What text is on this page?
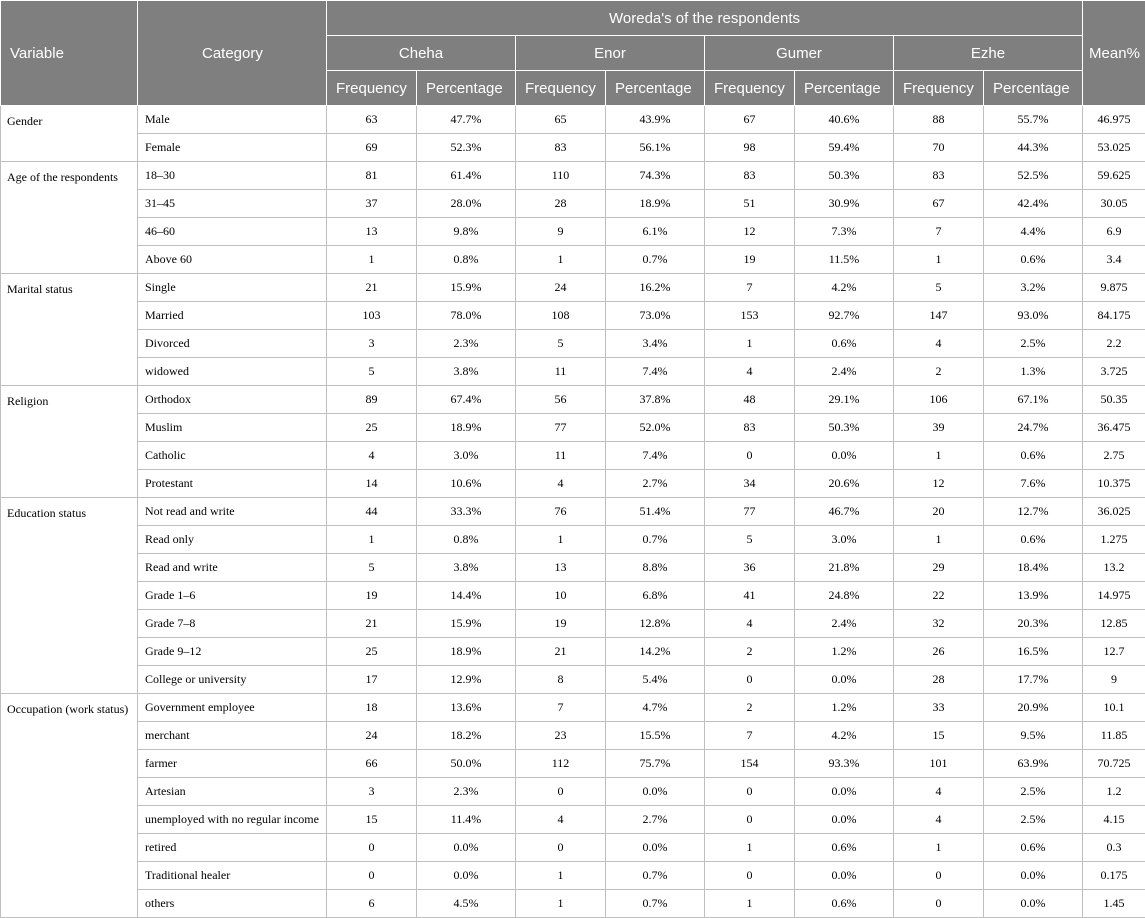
Variable	Category	Woreda's of the respondents								Mean%
		Cheha		Enor		Gumer		Ezhe		
		Frequency	Percentage	Frequency	Percentage	Frequency	Percentage	Frequency	Percentage	
Gender	Male	63	47.7%	65	43.9%	67	40.6%	88	55.7%	46.975
	Female	69	52.3%	83	56.1%	98	59.4%	70	44.3%	53.025
Age of the respondents	18–30	81	61.4%	110	74.3%	83	50.3%	83	52.5%	59.625
	31–45	37	28.0%	28	18.9%	51	30.9%	67	42.4%	30.05
	46–60	13	9.8%	9	6.1%	12	7.3%	7	4.4%	6.9
	Above 60	1	0.8%	1	0.7%	19	11.5%	1	0.6%	3.4
Marital status	Single	21	15.9%	24	16.2%	7	4.2%	5	3.2%	9.875
	Married	103	78.0%	108	73.0%	153	92.7%	147	93.0%	84.175
	Divorced	3	2.3%	5	3.4%	1	0.6%	4	2.5%	2.2
	widowed	5	3.8%	11	7.4%	4	2.4%	2	1.3%	3.725
Religion	Orthodox	89	67.4%	56	37.8%	48	29.1%	106	67.1%	50.35
	Muslim	25	18.9%	77	52.0%	83	50.3%	39	24.7%	36.475
	Catholic	4	3.0%	11	7.4%	0	0.0%	1	0.6%	2.75
	Protestant	14	10.6%	4	2.7%	34	20.6%	12	7.6%	10.375
Education status	Not read and write	44	33.3%	76	51.4%	77	46.7%	20	12.7%	36.025
	Read only	1	0.8%	1	0.7%	5	3.0%	1	0.6%	1.275
	Read and write	5	3.8%	13	8.8%	36	21.8%	29	18.4%	13.2
	Grade 1–6	19	14.4%	10	6.8%	41	24.8%	22	13.9%	14.975
	Grade 7–8	21	15.9%	19	12.8%	4	2.4%	32	20.3%	12.85
	Grade 9–12	25	18.9%	21	14.2%	2	1.2%	26	16.5%	12.7
	College or university	17	12.9%	8	5.4%	0	0.0%	28	17.7%	9
Occupation (work status)	Government employee	18	13.6%	7	4.7%	2	1.2%	33	20.9%	10.1
	merchant	24	18.2%	23	15.5%	7	4.2%	15	9.5%	11.85
	farmer	66	50.0%	112	75.7%	154	93.3%	101	63.9%	70.725
	Artesian	3	2.3%	0	0.0%	0	0.0%	4	2.5%	1.2
	unemployed with no regular income	15	11.4%	4	2.7%	0	0.0%	4	2.5%	4.15
	retired	0	0.0%	0	0.0%	1	0.6%	1	0.6%	0.3
	Traditional healer	0	0.0%	1	0.7%	0	0.0%	0	0.0%	0.175
	others	6	4.5%	1	0.7%	1	0.6%	0	0.0%	1.45
